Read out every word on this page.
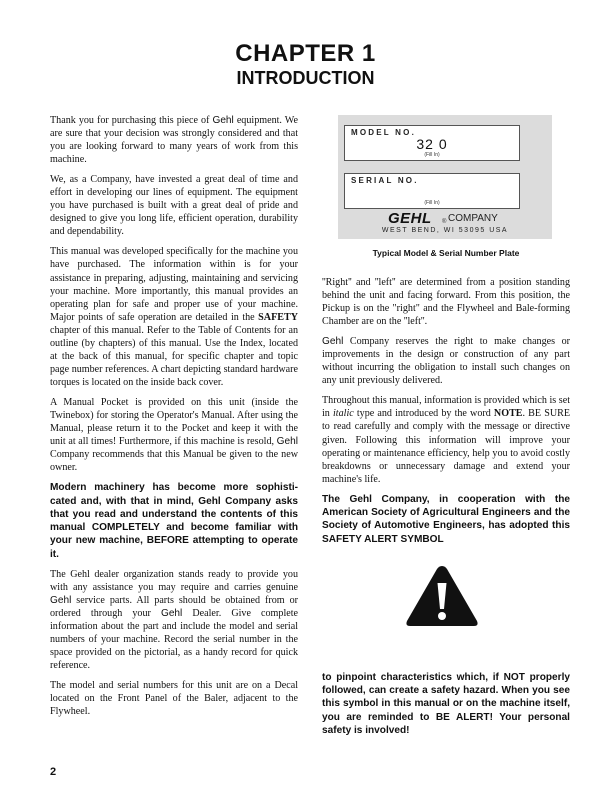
CHAPTER 1
INTRODUCTION

Thank you for purchasing this piece of Gehl equipment. We are sure that your decision was strongly considered and that you are looking forward to many years of work from this machine.

We, as a Company, have invested a great deal of time and effort in developing our lines of equipment. The equipment you have purchased is built with a great deal of pride and designed to give you long life, efficient operation, durability and dependability.

This manual was developed specifically for the machine you have purchased. The information within is for your assistance in preparing, adjusting, maintaining and servicing your machine. More importantly, this manual provides an operating plan for safe and proper use of your machine. Major points of safe operation are detailed in the SAFETY chapter of this manual. Refer to the Table of Contents for an outline (by chapters) of this manual. Use the Index, located at the back of this manual, for specific chapter and topic page number references. A chart depicting standard hardware torques is located on the inside back cover.

A Manual Pocket is provided on this unit (inside the Twinebox) for storing the Operator's Manual. After using the Manual, please return it to the Pocket and keep it with the unit at all times! Furthermore, if this machine is resold, Gehl Company recommends that this Manual be given to the new owner.

Modern machinery has become more sophisti-cated and, with that in mind, Gehl Company asks that you read and understand the contents of this manual COMPLETELY and become familiar with your new machine, BEFORE attempting to operate it.

The Gehl dealer organization stands ready to provide you with any assistance you may require and carries genuine Gehl service parts. All parts should be obtained from or ordered through your Gehl Dealer. Give complete information about the part and include the model and serial numbers of your machine. Record the serial number in the space provided on the pictorial, as a handy record for quick reference.

The model and serial numbers for this unit are on a Decal located on the Front Panel of the Baler, adjacent to the Flywheel.

MODEL NO.
32 0
(Fill In)
SERIAL NO.
(Fill In)
GEHL ® COMPANY
WEST BEND, WI 53095 USA
Typical Model & Serial Number Plate

''Right'' and ''left'' are determined from a position standing behind the unit and facing forward. From this position, the Pickup is on the "right" and the Flywheel and Bale-forming Chamber are on the ''left''.

Gehl Company reserves the right to make changes or improvements in the design or construction of any part without incurring the obligation to install such changes on any unit previously delivered.

Throughout this manual, information is provided which is set in italic type and introduced by the word NOTE. BE SURE to read carefully and comply with the message or directive given. Following this information will improve your operating or maintenance efficiency, help you to avoid costly breakdowns or unnecessary damage and extend your machine's life.

The Gehl Company, in cooperation with the American Society of Agricultural Engineers and the Society of Automotive Engineers, has adopted this SAFETY ALERT SYMBOL

to pinpoint characteristics which, if NOT properly followed, can create a safety hazard. When you see this symbol in this manual or on the machine itself, you are reminded to BE ALERT! Your personal safety is involved!

2
